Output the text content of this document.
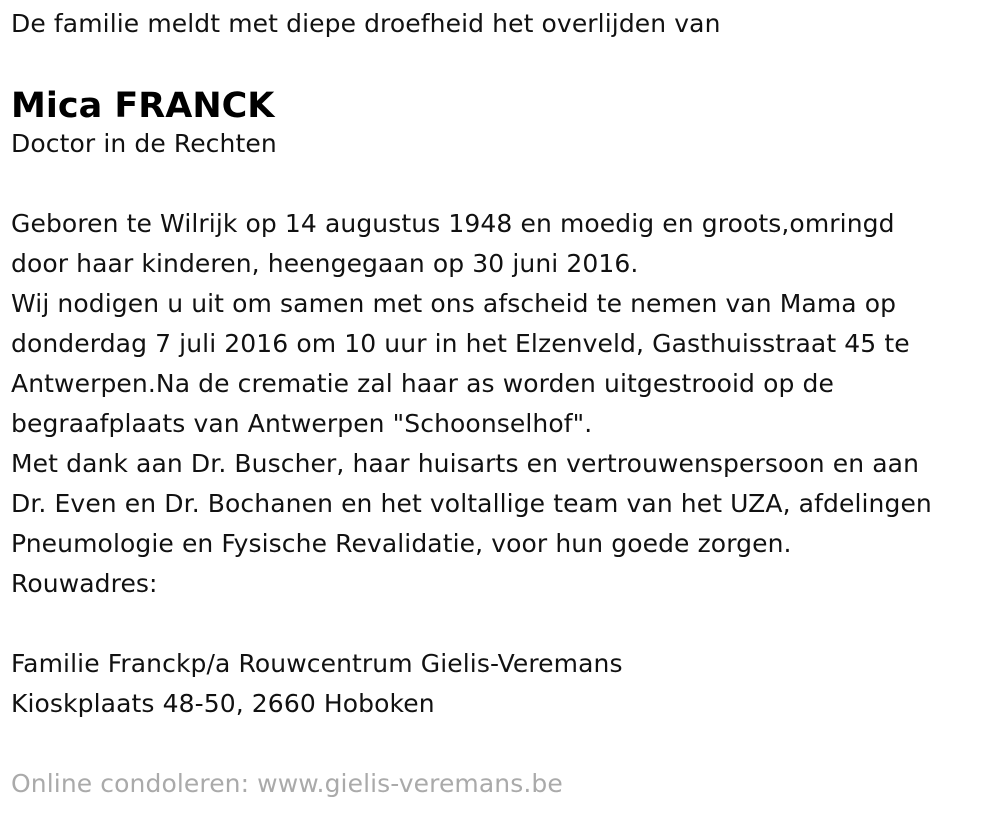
De familie meldt met diepe droefheid het overlijden van
Mica FRANCK
Doctor in de Rechten
Geboren te Wilrijk op 14 augustus 1948 en moedig en groots,omringd
door haar kinderen, heengegaan op 30 juni 2016.
Wij nodigen u uit om samen met ons afscheid te nemen van Mama op
donderdag 7 juli 2016 om 10 uur in het Elzenveld, Gasthuisstraat 45 te
Antwerpen.Na de crematie zal haar as worden uitgestrooid op de
begraafplaats van Antwerpen "Schoonselhof".
Met dank aan Dr. Buscher, haar huisarts en vertrouwenspersoon en aan
Dr. Even en Dr. Bochanen en het voltallige team van het UZA, afdelingen
Pneumologie en Fysische Revalidatie, voor hun goede zorgen.
Rouwadres:
Familie Franckp/a Rouwcentrum Gielis-Veremans
Kioskplaats 48-50, 2660 Hoboken
Online condoleren: www.gielis-veremans.be
